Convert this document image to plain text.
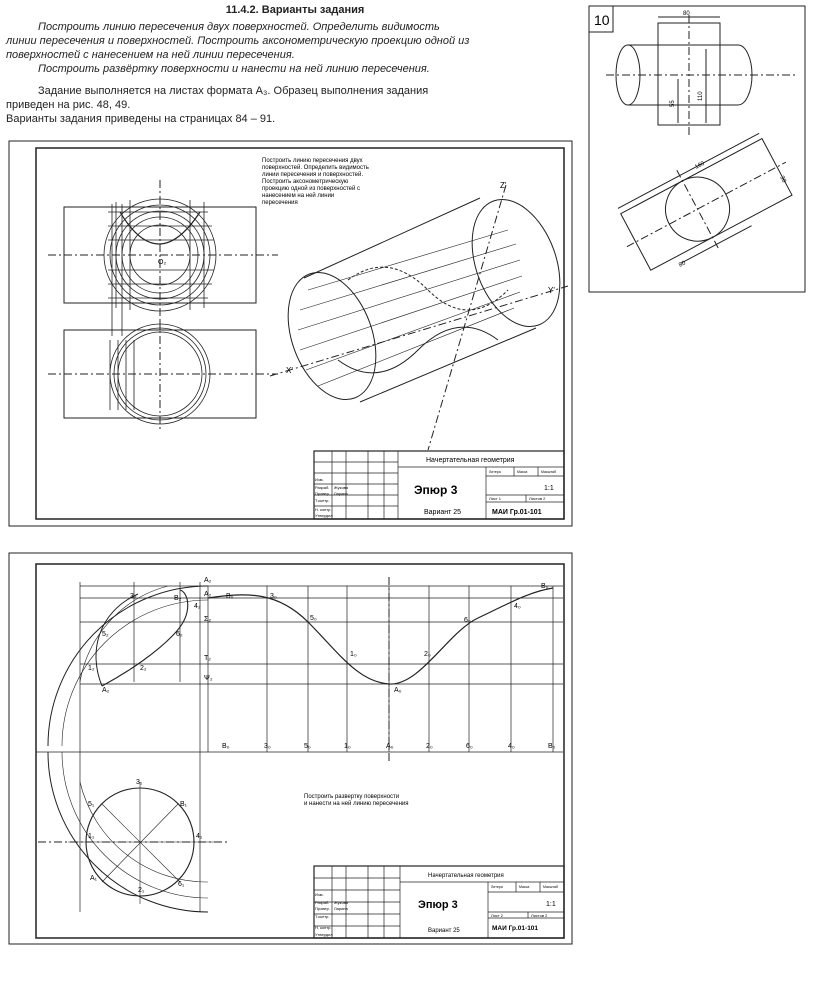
11.4.2. Варианты задания
Построить линию пересечения двух поверхностей. Определить видимость
линии пересечения и поверхностей. Построить аксонометрическую проекцию одной из
поверхностей с нанесением на ней линии пересечения.
Построить развёртку поверхности и нанести на ней линию пересечения.
Задание выполняется на листах формата А₃. Образец выполнения задания
приведен на рис. 48, 49.
Варианты задания приведены на страницах 84 – 91.
10	80
55
110
160
80
30
O₂
Построить линию пересечения двух
поверхностей. Определить видимость
линии пересечения и поверхностей.
Построить аксонометрическую
проекцию одной из поверхностей с
нанесением на ней линии
пересечения
Z'
Y'
X'
Изм.
Разраб.
Провер.
Т.контр.
Н. контр.
Утвердил
Жукова
Ларина
Начертательная геометрия
Эпюр 3
Вариант 25	МАИ Гр.01-101
Литера	Масса	Масштаб
1:1
Лист 1	Листов 2
A₂
A₂
Σ₂
T₂
Ψ₂
B₀	3₀
5₀
1₀
A₀
2₀
6₀
4₀
B₀
B₀	3₀	5₀	1₀	A₀	2₀	6₀	4₀	B₀
3₂	B₂
4₂
5₂	6₂
1₂	2₂
A₂
3₁
5₁	B₁
1₁	4₁
A₁
2₁
6₁
Построить развертку поверхности
и нанести на ней линию пересечения
Изм.
Разраб.
Провер.
Т.контр.
Н. контр.
Утвердил
Жукова
Ларина
Начертательная геометрия
Эпюр 3
Вариант 25	МАИ Гр.01-101
Литера	Масса	Масштаб
1:1
Лист 2	Листов 2
